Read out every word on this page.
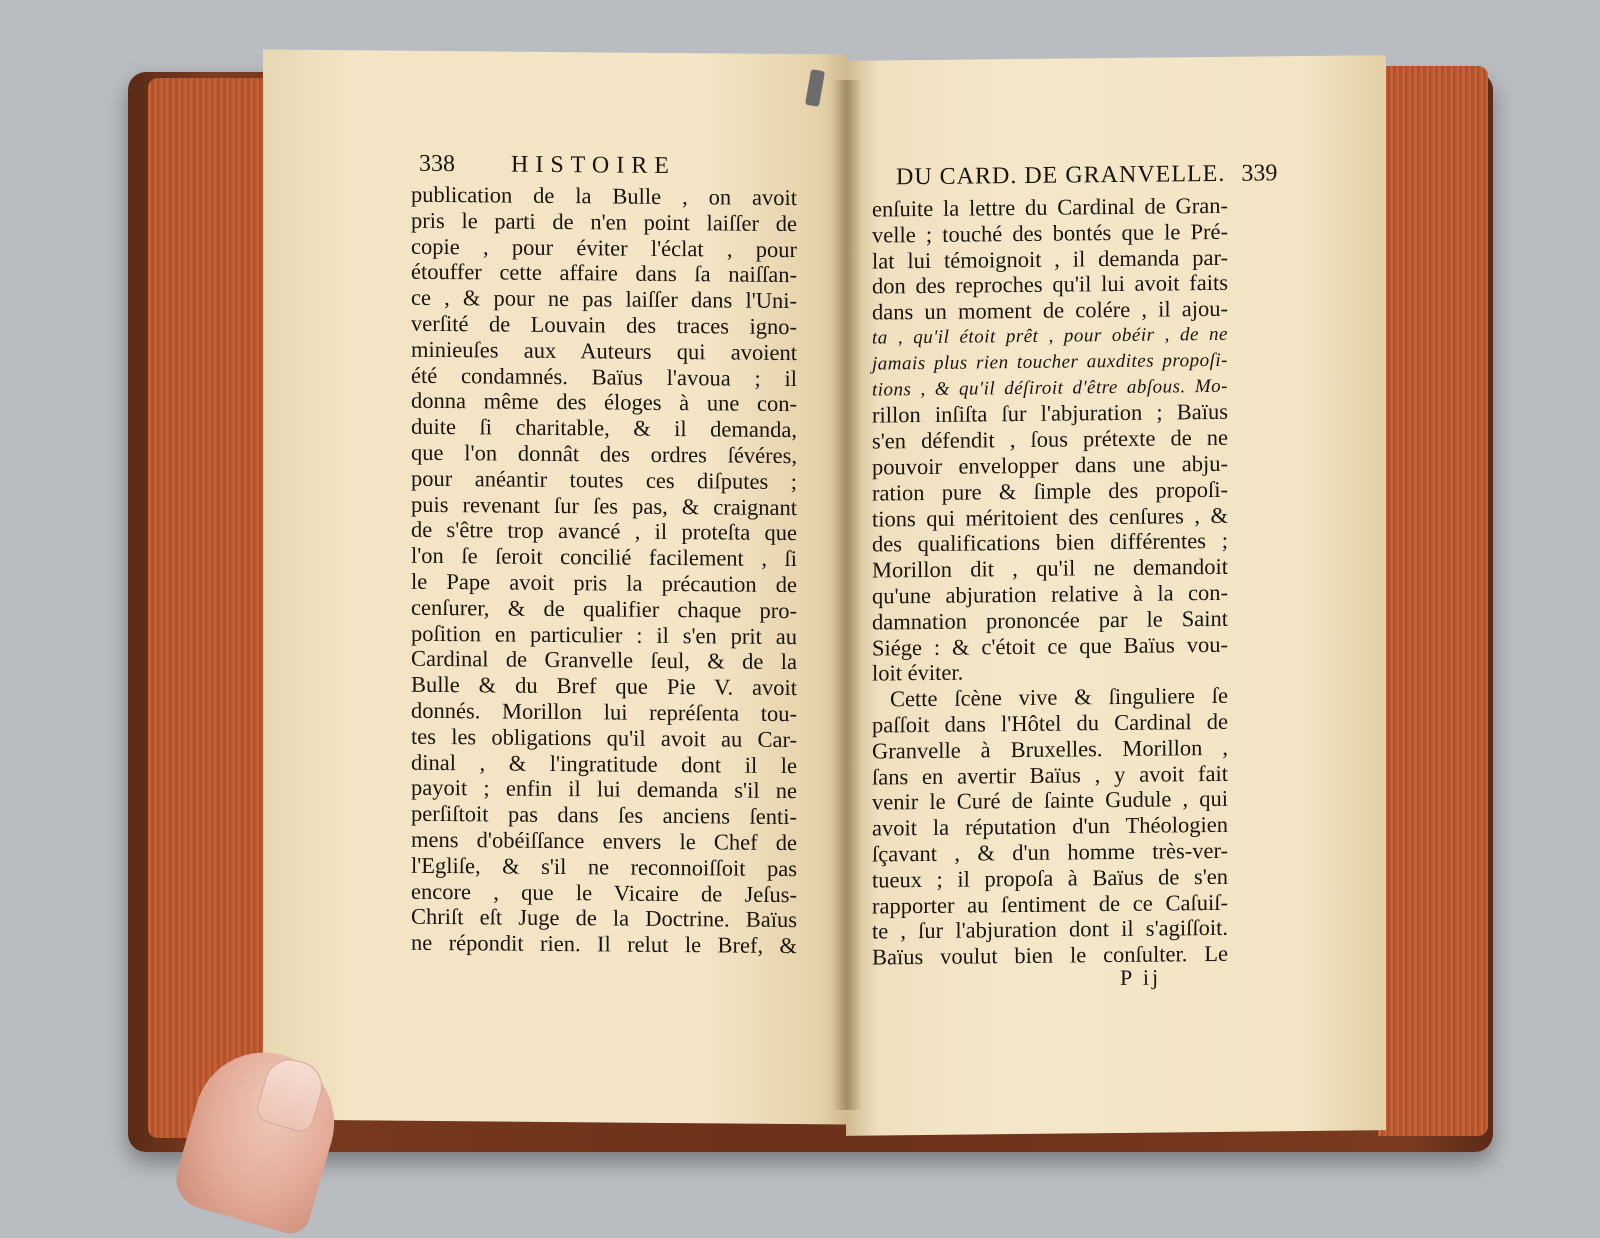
338 HISTOIRE
publication de la Bulle , on avoit
pris le parti de n'en point laiſſer de
copie , pour éviter l'éclat , pour
étouffer cette affaire dans ſa naiſſan-
ce , & pour ne pas laiſſer dans l'Uni-
verſité de Louvain des traces igno-
minieuſes aux Auteurs qui avoient
été condamnés. Baïus l'avoua ; il
donna même des éloges à une con-
duite ſi charitable, & il demanda,
que l'on donnât des ordres ſévéres,
pour anéantir toutes ces diſputes ;
puis revenant ſur ſes pas, & craignant
de s'être trop avancé , il proteſta que
l'on ſe ſeroit concilié facilement , ſi
le Pape avoit pris la précaution de
cenſurer, & de qualifier chaque pro-
poſition en particulier : il s'en prit au
Cardinal de Granvelle ſeul, & de la
Bulle & du Bref que Pie V. avoit
donnés. Morillon lui repréſenta tou-
tes les obligations qu'il avoit au Car-
dinal , & l'ingratitude dont il le
payoit ; enfin il lui demanda s'il ne
perſiſtoit pas dans ſes anciens ſenti-
mens d'obéiſſance envers le Chef de
l'Egliſe, & s'il ne reconnoiſſoit pas
encore , que le Vicaire de Jeſus-
Chriſt eſt Juge de la Doctrine. Baïus
ne répondit rien. Il relut le Bref, &
DU CARD. DE GRANVELLE. 339
enſuite la lettre du Cardinal de Gran-
velle ; touché des bontés que le Pré-
lat lui témoignoit , il demanda par-
don des reproches qu'il lui avoit faits
dans un moment de colére , il ajou-
ta , qu'il étoit prêt , pour obéir , de ne
jamais plus rien toucher auxdites propoſi-
tions , & qu'il déſiroit d'être abſous. Mo-
rillon inſiſta ſur l'abjuration ; Baïus
s'en défendit , ſous prétexte de ne
pouvoir envelopper dans une abju-
ration pure & ſimple des propoſi-
tions qui méritoient des cenſures , &
des qualifications bien différentes ;
Morillon dit , qu'il ne demandoit
qu'une abjuration relative à la con-
damnation prononcée par le Saint
Siége : & c'étoit ce que Baïus vou-
loit éviter.
Cette ſcène vive & ſinguliere ſe
paſſoit dans l'Hôtel du Cardinal de
Granvelle à Bruxelles. Morillon ,
ſans en avertir Baïus , y avoit fait
venir le Curé de ſainte Gudule , qui
avoit la réputation d'un Théologien
ſçavant , & d'un homme très-ver-
tueux ; il propoſa à Baïus de s'en
rapporter au ſentiment de ce Caſuiſ-
te , ſur l'abjuration dont il s'agiſſoit.
Baïus voulut bien le conſulter. Le
P ij
